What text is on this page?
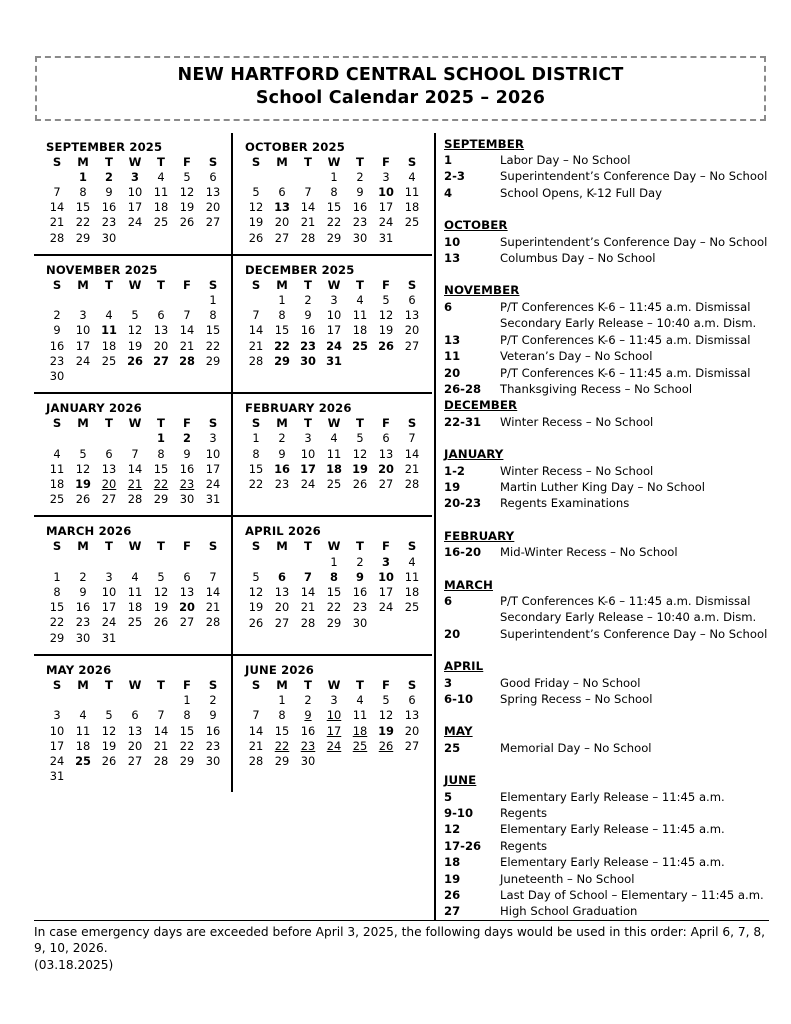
NEW HARTFORD CENTRAL SCHOOL DISTRICT
School Calendar 2025 – 2026
SEPTEMBER 2025
S	M	T	W	T	F	S
	1	2	3	4	5	6
7	8	9	10	11	12	13
14	15	16	17	18	19	20
21	22	23	24	25	26	27
28	29	30				
OCTOBER 2025
S	M	T	W	T	F	S
			1	2	3	4
5	6	7	8	9	10	11
12	13	14	15	16	17	18
19	20	21	22	23	24	25
26	27	28	29	30	31	
NOVEMBER 2025
S	M	T	W	T	F	S
						1
2	3	4	5	6	7	8
9	10	11	12	13	14	15
16	17	18	19	20	21	22
23	24	25	26	27	28	29
30						
DECEMBER 2025
S	M	T	W	T	F	S
	1	2	3	4	5	6
7	8	9	10	11	12	13
14	15	16	17	18	19	20
21	22	23	24	25	26	27
28	29	30	31			
JANUARY 2026
S	M	T	W	T	F	S
				1	2	3
4	5	6	7	8	9	10
11	12	13	14	15	16	17
18	19	20	21	22	23	24
25	26	27	28	29	30	31
FEBRUARY 2026
S	M	T	W	T	F	S
1	2	3	4	5	6	7
8	9	10	11	12	13	14
15	16	17	18	19	20	21
22	23	24	25	26	27	28
MARCH 2026
S	M	T	W	T	F	S

1	2	3	4	5	6	7
8	9	10	11	12	13	14
15	16	17	18	19	20	21
22	23	24	25	26	27	28
29	30	31				
APRIL 2026
S	M	T	W	T	F	S
			1	2	3	4
5	6	7	8	9	10	11
12	13	14	15	16	17	18
19	20	21	22	23	24	25
26	27	28	29	30		
MAY 2026
S	M	T	W	T	F	S
					1	2
3	4	5	6	7	8	9
10	11	12	13	14	15	16
17	18	19	20	21	22	23
24	25	26	27	28	29	30
31						
JUNE 2026
S	M	T	W	T	F	S
	1	2	3	4	5	6
7	8	9	10	11	12	13
14	15	16	17	18	19	20
21	22	23	24	25	26	27
28	29	30				
SEPTEMBER
1	Labor Day – No School
2-3	Superintendent’s Conference Day – No School
4	School Opens, K-12 Full Day
OCTOBER
10	Superintendent’s Conference Day – No School
13	Columbus Day – No School
NOVEMBER
6	P/T Conferences K-6 – 11:45 a.m. Dismissal
Secondary Early Release – 10:40 a.m. Dism.
13	P/T Conferences K-6 – 11:45 a.m. Dismissal
11	Veteran’s Day – No School
20	P/T Conferences K-6 – 11:45 a.m. Dismissal
26-28	Thanksgiving Recess – No School
DECEMBER
22-31	Winter Recess – No School
JANUARY
1-2	Winter Recess – No School
19	Martin Luther King Day – No School
20-23	Regents Examinations
FEBRUARY
16-20	Mid-Winter Recess – No School
MARCH
6	P/T Conferences K-6 – 11:45 a.m. Dismissal
Secondary Early Release – 10:40 a.m. Dism.
20	Superintendent’s Conference Day – No School
APRIL
3	Good Friday – No School
6-10	Spring Recess – No School
MAY
25	Memorial Day – No School
JUNE
5	Elementary Early Release – 11:45 a.m.
9-10	Regents
12	Elementary Early Release – 11:45 a.m.
17-26	Regents
18	Elementary Early Release – 11:45 a.m.
19	Juneteenth – No School
26	Last Day of School – Elementary – 11:45 a.m.
27	High School Graduation

In case emergency days are exceeded before April 3, 2025, the following days would be used in this order: April 6, 7, 8, 9, 10, 2026.

(03.18.2025)
